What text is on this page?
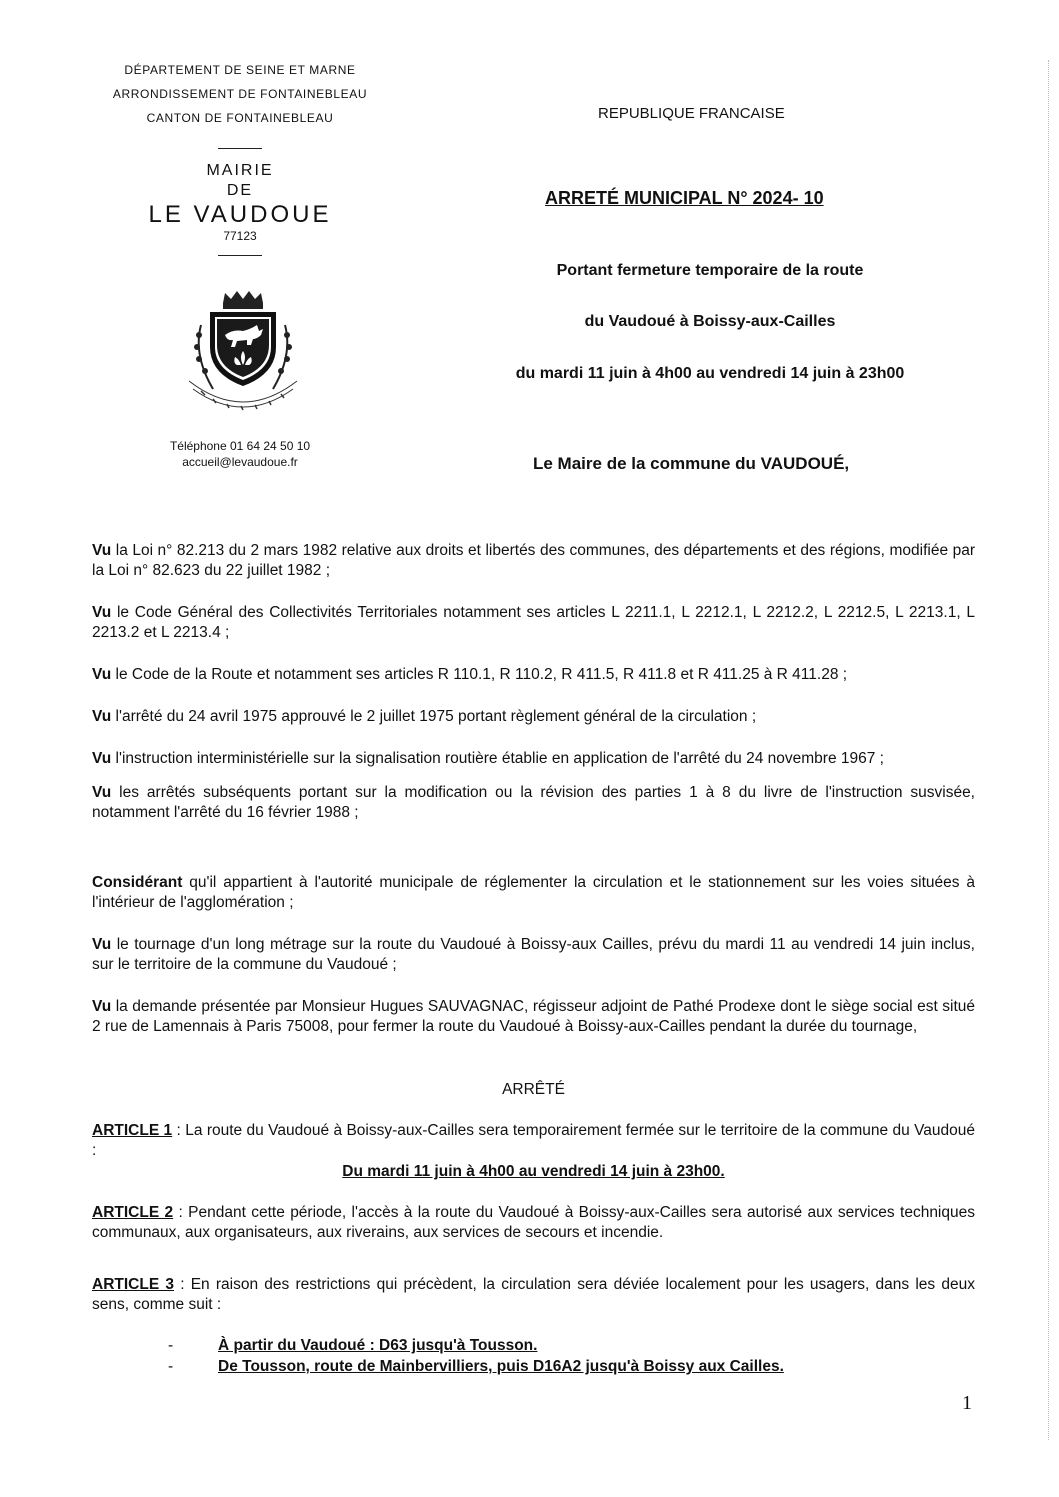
DÉPARTEMENT DE SEINE ET MARNE
ARRONDISSEMENT DE FONTAINEBLEAU
CANTON DE FONTAINEBLEAU
MAIRIE
DE
LE VAUDOUE
77123
Téléphone 01 64 24 50 10
accueil@levaudoue.fr
REPUBLIQUE FRANCAISE
ARRETÉ MUNICIPAL N° 2024- 10
Portant fermeture temporaire de la route
du Vaudoué à Boissy-aux-Cailles
du mardi 11 juin à 4h00 au vendredi 14 juin à 23h00
Le Maire de la commune du VAUDOUÉ,
Vu la Loi n° 82.213 du 2 mars 1982 relative aux droits et libertés des communes, des départements et des régions, modifiée par la Loi n° 82.623 du 22 juillet 1982 ;
Vu le Code Général des Collectivités Territoriales notamment ses articles L 2211.1, L 2212.1, L 2212.2, L 2212.5, L 2213.1, L 2213.2 et L 2213.4 ;
Vu le Code de la Route et notamment ses articles R 110.1, R 110.2, R 411.5, R 411.8 et R 411.25 à R 411.28 ;
Vu l'arrêté du 24 avril 1975 approuvé le 2 juillet 1975 portant règlement général de la circulation ;
Vu l'instruction interministérielle sur la signalisation routière établie en application de l'arrêté du 24 novembre 1967 ;
Vu les arrêtés subséquents portant sur la modification ou la révision des parties 1 à 8 du livre de l'instruction susvisée, notamment l'arrêté du 16 février 1988 ;
Considérant qu'il appartient à l'autorité municipale de réglementer la circulation et le stationnement sur les voies situées à l'intérieur de l'agglomération ;
Vu le tournage d'un long métrage sur la route du Vaudoué à Boissy-aux Cailles, prévu du mardi 11 au vendredi 14 juin inclus, sur le territoire de la commune du Vaudoué ;
Vu la demande présentée par Monsieur Hugues SAUVAGNAC, régisseur adjoint de Pathé Prodexe dont le siège social est situé 2 rue de Lamennais à Paris 75008, pour fermer la route du Vaudoué à Boissy-aux-Cailles pendant la durée du tournage,
ARRÊTÉ
ARTICLE 1 : La route du Vaudoué à Boissy-aux-Cailles sera temporairement fermée sur le territoire de la commune du Vaudoué :
Du mardi 11 juin à 4h00 au vendredi 14 juin à 23h00.
ARTICLE 2 : Pendant cette période, l'accès à la route du Vaudoué à Boissy-aux-Cailles sera autorisé aux services techniques communaux, aux organisateurs, aux riverains, aux services de secours et incendie.
ARTICLE 3 : En raison des restrictions qui précèdent, la circulation sera déviée localement pour les usagers, dans les deux sens, comme suit :
-	À partir du Vaudoué : D63 jusqu'à Tousson.
-	De Tousson, route de Mainbervilliers, puis D16A2 jusqu'à Boissy aux Cailles.
1
